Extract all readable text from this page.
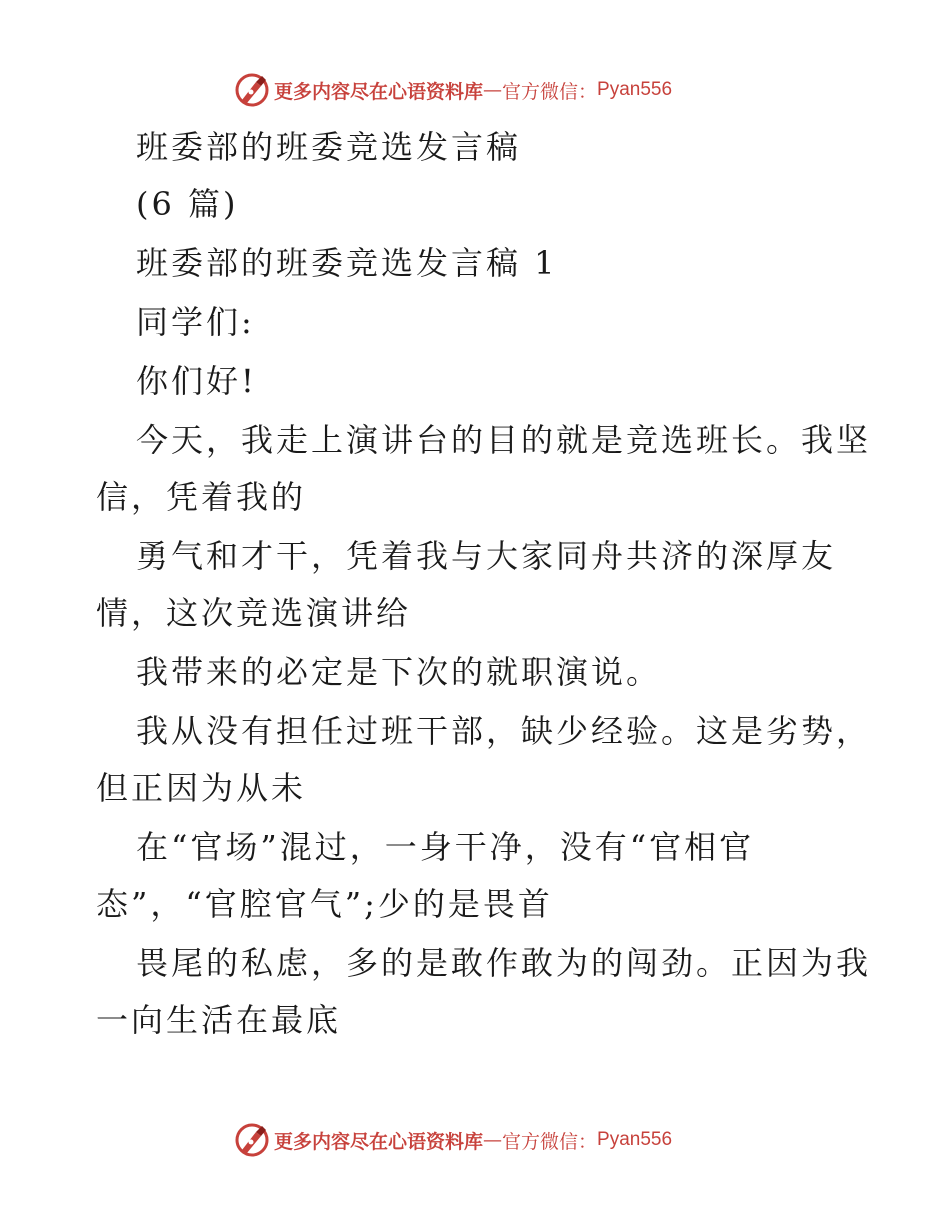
更多内容尽在心语资料库 — 官方微信： Pyan556
班委部的班委竞选发言稿
(6 篇)
班委部的班委竞选发言稿 1
同学们:
你们好!
今天，我走上演讲台的目的就是竞选班长。我坚
信，凭着我的
勇气和才干，凭着我与大家同舟共济的深厚友
情，这次竞选演讲给
我带来的必定是下次的就职演说。
我从没有担任过班干部，缺少经验。这是劣势，
但正因为从未
在“官场”混过，一身干净，没有“官相官
态”，“官腔官气”;少的是畏首
畏尾的私虑，多的是敢作敢为的闯劲。正因为我
一向生活在最底
更多内容尽在心语资料库 — 官方微信： Pyan556
